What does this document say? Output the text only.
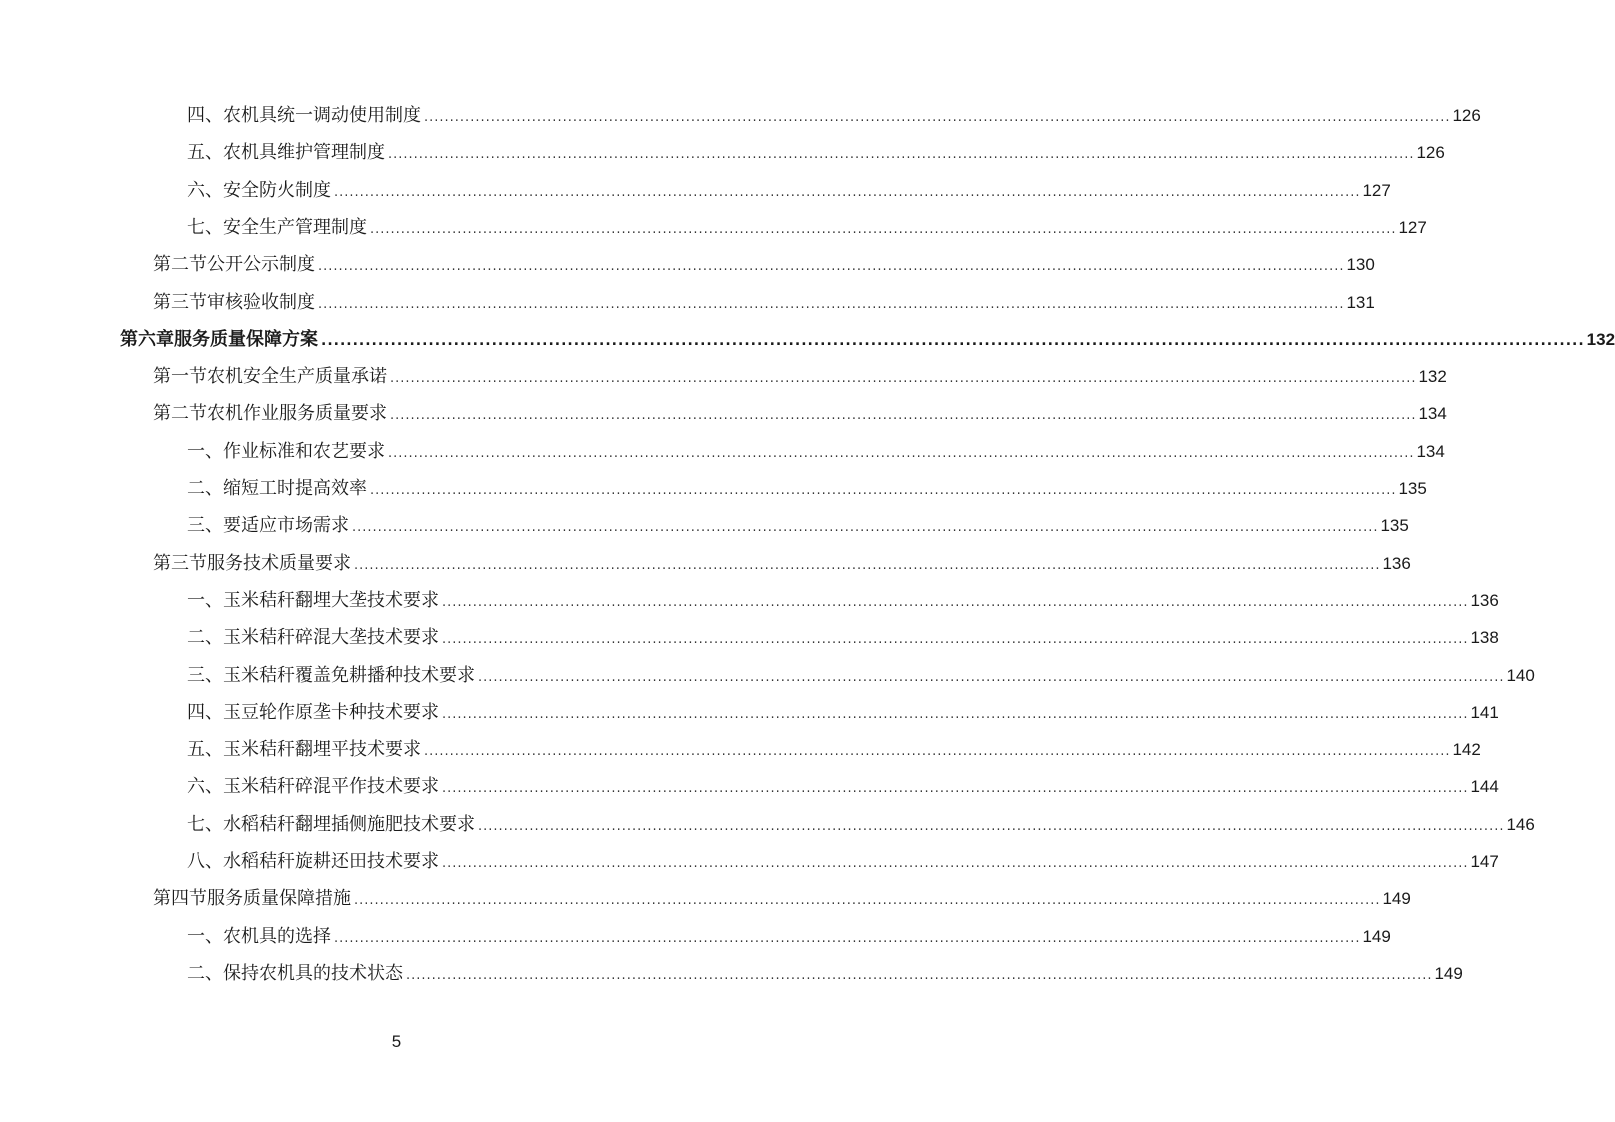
四、 农机具统一调动使用制度 ........................................................................................................................................................................................................ 126
五、 农机具维护管理制度 ........................................................................................................................................................................................................ 126
六、 安全防火制度 ........................................................................................................................................................................................................ 127
七、 安全生产管理制度 ........................................................................................................................................................................................................ 127
第二节 公开公示制度 ........................................................................................................................................................................................................ 130
第三节 审核验收制度 ........................................................................................................................................................................................................ 131
第六章 服务质量保障方案 ........................................................................................................................................................................................................ 132
第一节 农机安全生产质量承诺 ........................................................................................................................................................................................................ 132
第二节 农机作业服务质量要求 ........................................................................................................................................................................................................ 134
一、 作业标准和农艺要求 ........................................................................................................................................................................................................ 134
二、 缩短工时提高效率 ........................................................................................................................................................................................................ 135
三、 要适应市场需求 ........................................................................................................................................................................................................ 135
第三节 服务技术质量要求 ........................................................................................................................................................................................................ 136
一、 玉米秸秆翻埋大垄技术要求 ........................................................................................................................................................................................................ 136
二、 玉米秸秆碎混大垄技术要求 ........................................................................................................................................................................................................ 138
三、 玉米秸秆覆盖免耕播种技术要求 ........................................................................................................................................................................................................ 140
四、 玉豆轮作原垄卡种技术要求 ........................................................................................................................................................................................................ 141
五、 玉米秸秆翻埋平技术要求 ........................................................................................................................................................................................................ 142
六、 玉米秸秆碎混平作技术要求 ........................................................................................................................................................................................................ 144
七、 水稻秸秆翻埋插侧施肥技术要求 ........................................................................................................................................................................................................ 146
八、 水稻秸秆旋耕还田技术要求 ........................................................................................................................................................................................................ 147
第四节 服务质量保障措施 ........................................................................................................................................................................................................ 149
一、 农机具的选择 ........................................................................................................................................................................................................ 149
二、 保持农机具的技术状态 ........................................................................................................................................................................................................ 149
5
